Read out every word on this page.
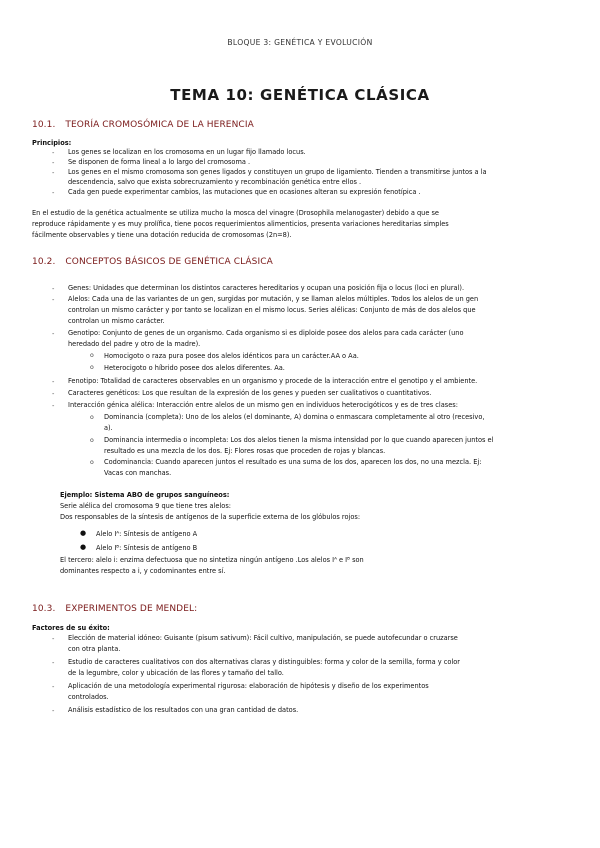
BLOQUE 3: GENÉTICA Y EVOLUCIÓN
TEMA 10: GENÉTICA CLÁSICA
10.1. TEORÍA CROMOSÓMICA DE LA HERENCIA
Principios:
- Los genes se localizan en los cromosoma en un lugar fijo llamado locus.
- Se disponen de forma lineal a lo largo del cromosoma .
- Los genes en el mismo cromosoma son genes ligados y constituyen un grupo de ligamiento. Tienden a transmitirse juntos a la
descendencia, salvo que exista sobrecruzamiento y recombinación genética entre ellos .
- Cada gen puede experimentar cambios, las mutaciones que en ocasiones alteran su expresión fenotípica .
En el estudio de la genética actualmente se utiliza mucho la mosca del vinagre (Drosophila melanogaster) debido a que se
reproduce rápidamente y es muy prolífica, tiene pocos requerimientos alimenticios, presenta variaciones hereditarias simples
fácilmente observables y tiene una dotación reducida de cromosomas (2n=8).
10.2. CONCEPTOS BÁSICOS DE GENÉTICA CLÁSICA
- Genes: Unidades que determinan los distintos caracteres hereditarios y ocupan una posición fija o locus (loci en plural).
- Alelos: Cada una de las variantes de un gen, surgidas por mutación, y se llaman alelos múltiples. Todos los alelos de un gen
controlan un mismo carácter y por tanto se localizan en el mismo locus. Series alélicas: Conjunto de más de dos alelos que
controlan un mismo carácter.
- Genotipo: Conjunto de genes de un organismo. Cada organismo si es diploide posee dos alelos para cada carácter (uno
heredado del padre y otro de la madre).
o Homocigoto o raza pura posee dos alelos idénticos para un carácter.AA o Aa.
o Heterocigoto o híbrido posee dos alelos diferentes. Aa.
- Fenotipo: Totalidad de caracteres observables en un organismo y procede de la interacción entre el genotipo y el ambiente.
- Caracteres genéticos: Los que resultan de la expresión de los genes y pueden ser cualitativos o cuantitativos.
- Interacción génica alélica: Interacción entre alelos de un mismo gen en individuos heterocigóticos y es de tres clases:
o Dominancia (completa): Uno de los alelos (el dominante, A) domina o enmascara completamente al otro (recesivo,
a).
o Dominancia intermedia o incompleta: Los dos alelos tienen la misma intensidad por lo que cuando aparecen juntos el
resultado es una mezcla de los dos. Ej: Flores rosas que proceden de rojas y blancas.
o Codominancia: Cuando aparecen juntos el resultado es una suma de los dos, aparecen los dos, no una mezcla. Ej:
Vacas con manchas.
Ejemplo: Sistema ABO de grupos sanguíneos:
Serie alélica del cromosoma 9 que tiene tres alelos:
Dos responsables de la síntesis de antígenos de la superficie externa de los glóbulos rojos:
● Alelo Iᴬ: Síntesis de antígeno A
● Alelo Iᴮ: Síntesis de antígeno B
El tercero: alelo i: enzima defectuosa que no sintetiza ningún antígeno .Los alelos Iᴬ e Iᴮ son
dominantes respecto a i, y codominantes entre sí.
10.3. EXPERIMENTOS DE MENDEL:
Factores de su éxito:
- Elección de material idóneo: Guisante (pisum sativum): Fácil cultivo, manipulación, se puede autofecundar o cruzarse
con otra planta.
- Estudio de caracteres cualitativos con dos alternativas claras y distinguibles: forma y color de la semilla, forma y color
de la legumbre, color y ubicación de las flores y tamaño del tallo.
- Aplicación de una metodología experimental rigurosa: elaboración de hipótesis y diseño de los experimentos
controlados.
- Análisis estadístico de los resultados con una gran cantidad de datos.
